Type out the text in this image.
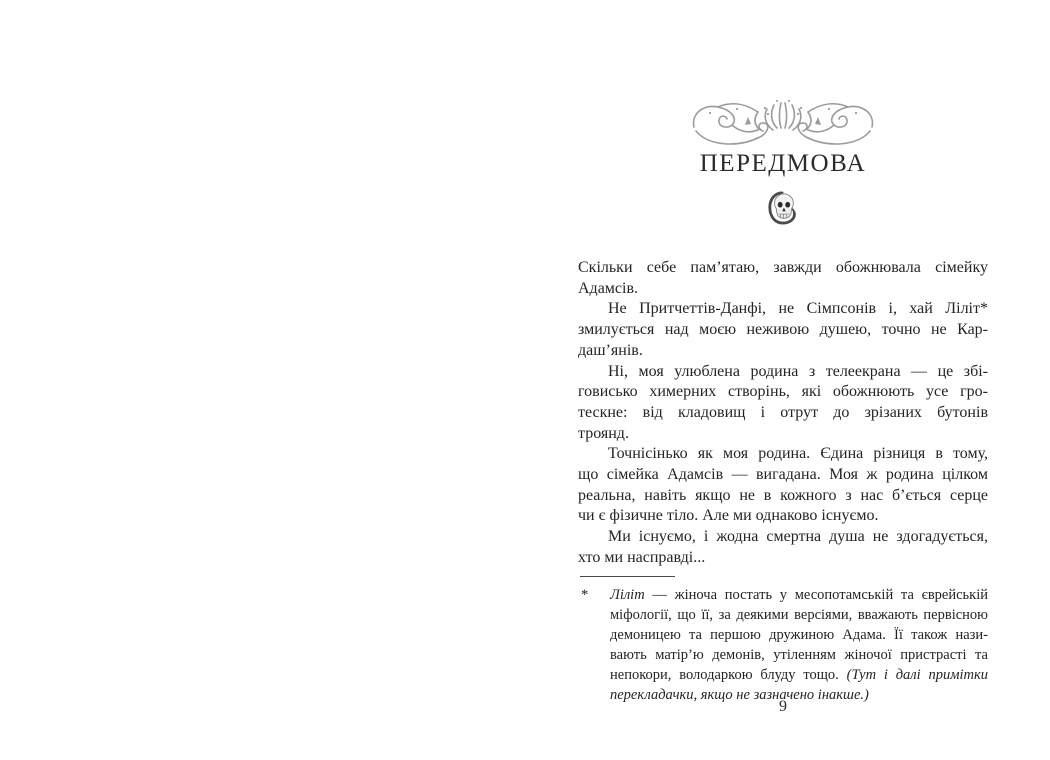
ПЕРЕДМОВА
Скільки себе пам’ятаю, завжди обожнювала сімейку
Адамсів.
Не Притчеттів-Данфі, не Сімпсонів і, хай Ліліт*
змилується над моєю неживою душею, точно не Кар-
даш’янів.
Ні, моя улюблена родина з телеекрана — це збі-
говисько химерних створінь, які обожнюють усе гро-
тескне: від кладовищ і отрут до зрізаних бутонів
троянд.
Точнісінько як моя родина. Єдина різниця в тому,
що сімейка Адамсів — вигадана. Моя ж родина цілком
реальна, навіть якщо не в кожного з нас б’ється серце
чи є фізичне тіло. Але ми однаково існуємо.
Ми існуємо, і жодна смертна душа не здогадується,
хто ми насправді...
* Ліліт — жіноча постать у месопотамській та єврейській
міфології, що її, за деякими версіями, вважають первісною
демоницею та першою дружиною Адама. Її також нази-
вають матір’ю демонів, утіленням жіночої пристрасті та
непокори, володаркою блуду тощо. (Тут і далі примітки
перекладачки, якщо не зазначено інакше.)
9
